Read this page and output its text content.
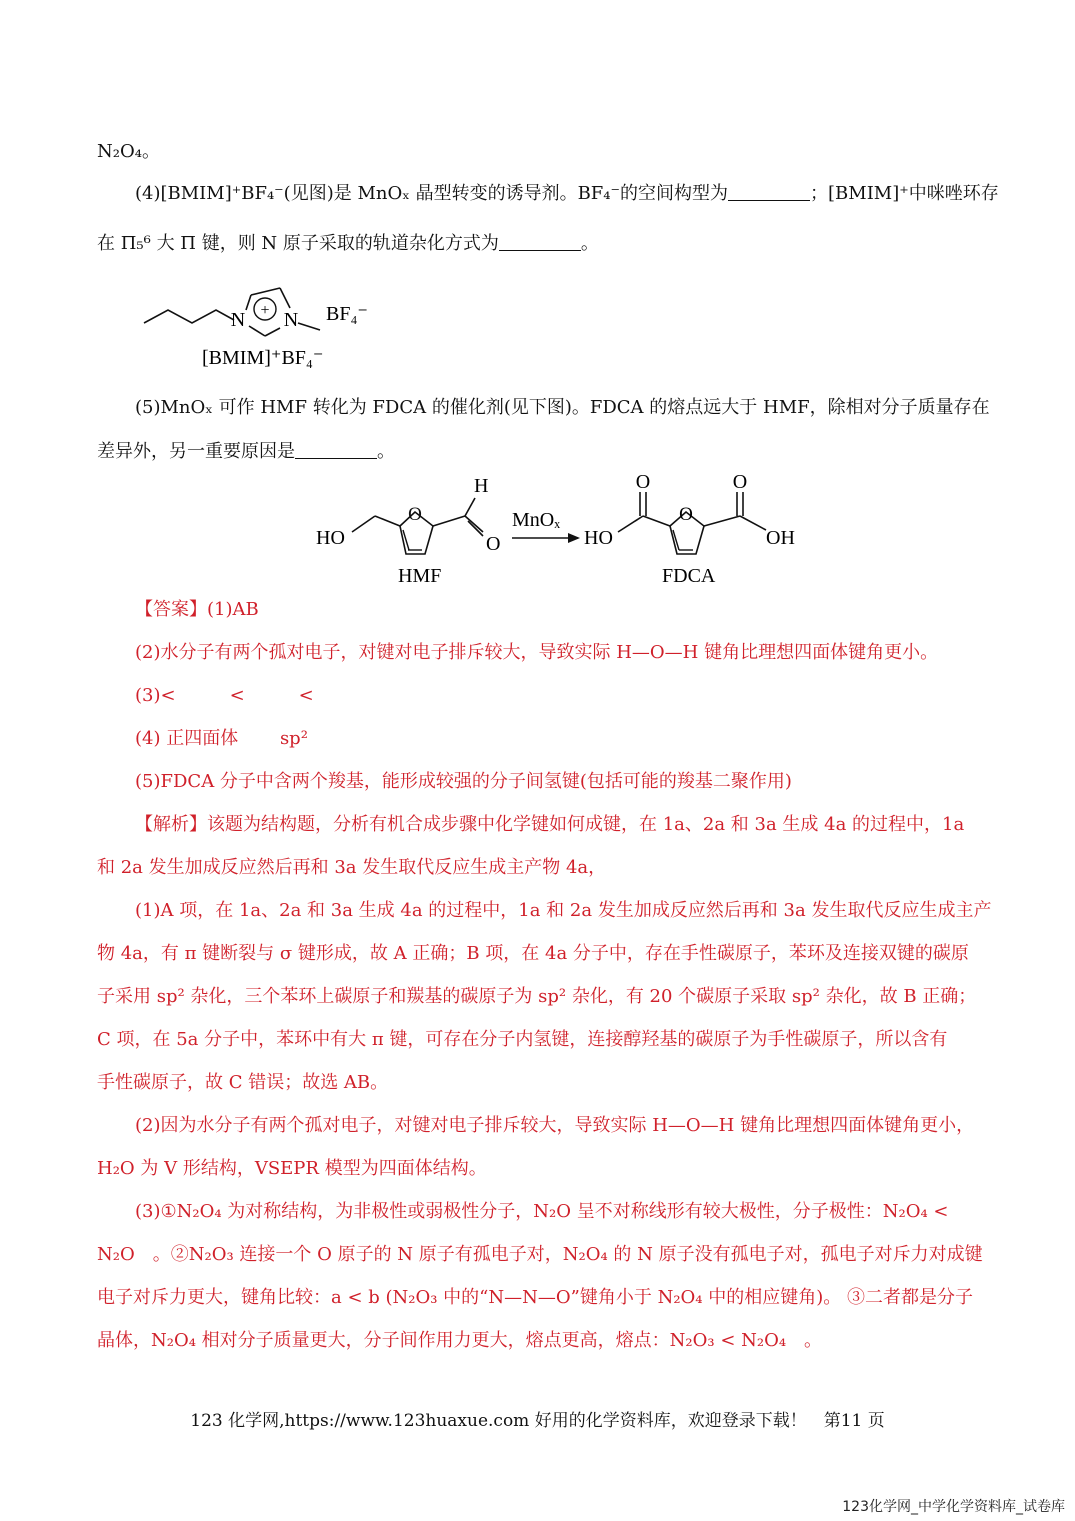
N₂O₄。
(4)[BMIM]⁺BF₄⁻(见图)是 MnOₓ 晶型转变的诱导剂。BF₄⁻的空间构型为	；[BMIM]⁺中咪唑环存
在 Π₅⁶ 大 Π 键，则 N 原子采取的轨道杂化方式为	。
+
N N BF₄⁻
[BMIM]⁺BF₄⁻
(5)MnOₓ 可作 HMF 转化为 FDCA 的催化剂(见下图)。FDCA 的熔点远大于 HMF，除相对分子质量存在
差异外，另一重要原因是	。
HO
O
H
O
HMF
MnOₓ
HO
O
O
O
OH
FDCA
【答案】(1)AB
(2)水分子有两个孤对电子，对键对电子排斥较大，导致实际 H—O—H 键角比理想四面体键角更小。
(3)<　　　<　　　<
(4) 正四面体　　 sp²
(5)FDCA 分子中含两个羧基，能形成较强的分子间氢键(包括可能的羧基二聚作用)
【解析】该题为结构题，分析有机合成步骤中化学键如何成键，在 1a、2a 和 3a 生成 4a 的过程中，1a
和 2a 发生加成反应然后再和 3a 发生取代反应生成主产物 4a，
(1)A 项，在 1a、2a 和 3a 生成 4a 的过程中，1a 和 2a 发生加成反应然后再和 3a 发生取代反应生成主产
物 4a，有 π 键断裂与 σ 键形成，故 A 正确；B 项，在 4a 分子中，存在手性碳原子，苯环及连接双键的碳原
子采用 sp² 杂化，三个苯环上碳原子和羰基的碳原子为 sp² 杂化，有 20 个碳原子采取 sp² 杂化，故 B 正确；
C 项，在 5a 分子中，苯环中有大 π 键，可存在分子内氢键，连接醇羟基的碳原子为手性碳原子，所以含有
手性碳原子，故 C 错误；故选 AB。
(2)因为水分子有两个孤对电子，对键对电子排斥较大，导致实际 H—O—H 键角比理想四面体键角更小，
H₂O 为 V 形结构，VSEPR 模型为四面体结构。
(3)①N₂O₄ 为对称结构，为非极性或弱极性分子，N₂O 呈不对称线形有较大极性，分子极性：N₂O₄ <
N₂O　。②N₂O₃ 连接一个 O 原子的 N 原子有孤电子对，N₂O₄ 的 N 原子没有孤电子对，孤电子对斥力对成键
电子对斥力更大，键角比较：a < b (N₂O₃ 中的“N—N—O”键角小于 N₂O₄ 中的相应键角)。 ③二者都是分子
晶体，N₂O₄ 相对分子质量更大，分子间作用力更大，熔点更高，熔点：N₂O₃ < N₂O₄　。
123 化学网,https://www.123huaxue.com 好用的化学资料库，欢迎登录下载！　第11 页
123化学网_中学化学资料库_试卷库
